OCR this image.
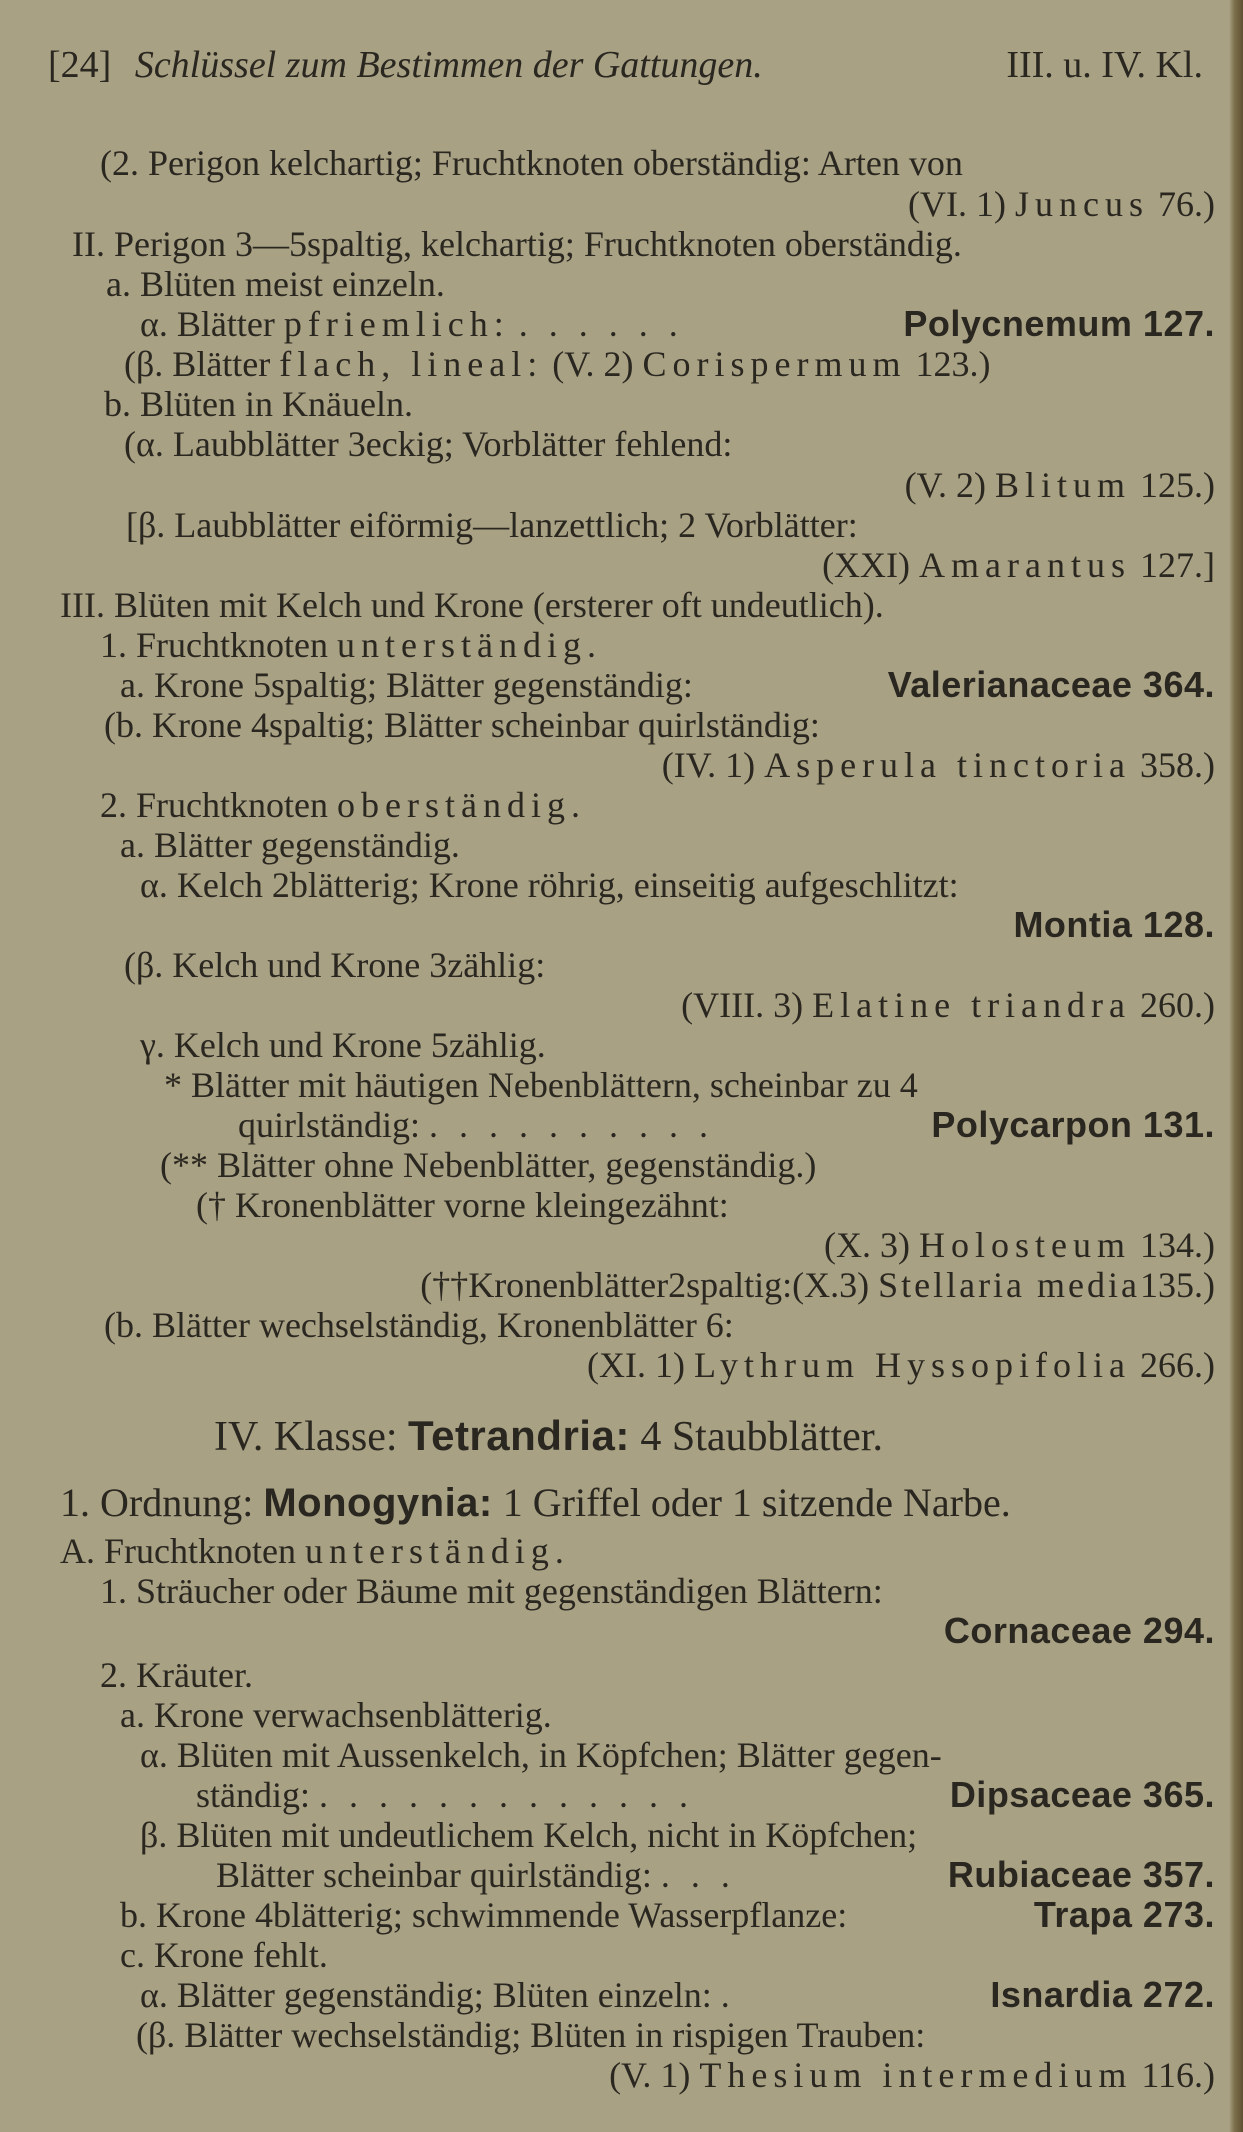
[24] Schlüssel zum Bestimmen der Gattungen.	III. u. IV. Kl.
(2. Perigon kelchartig; Fruchtknoten oberständig: Arten von
(VI. 1) Juncus 76.)
II. Perigon 3—5spaltig, kelchartig; Fruchtknoten oberständig.
a. Blüten meist einzeln.
α. Blätter pfriemlich: . . . . . .	Polycnemum 127.
(β. Blätter flach, lineal: (V. 2) Corispermum 123.)
b. Blüten in Knäueln.
(α. Laubblätter 3eckig; Vorblätter fehlend:
(V. 2) Blitum 125.)
[β. Laubblätter eiförmig—lanzettlich; 2 Vorblätter:
(XXI) Amarantus 127.]
III. Blüten mit Kelch und Krone (ersterer oft undeutlich).
1. Fruchtknoten unterständig.
a. Krone 5spaltig; Blätter gegenständig:	Valerianaceae 364.
(b. Krone 4spaltig; Blätter scheinbar quirlständig:
(IV. 1) Asperula tinctoria 358.)
2. Fruchtknoten oberständig.
a. Blätter gegenständig.
α. Kelch 2blätterig; Krone röhrig, einseitig aufgeschlitzt:
Montia 128.
(β. Kelch und Krone 3zählig:
(VIII. 3) Elatine triandra 260.)
γ. Kelch und Krone 5zählig.
* Blätter mit häutigen Nebenblättern, scheinbar zu 4
quirlständig: . . . . . . . . . .	Polycarpon 131.
(** Blätter ohne Nebenblätter, gegenständig.)
(† Kronenblätter vorne kleingezähnt:
(X. 3) Holosteum 134.)
(††Kronenblätter2spaltig:(X.3) Stellaria media135.)
(b. Blätter wechselständig, Kronenblätter 6:
(XI. 1) Lythrum Hyssopifolia 266.)
IV. Klasse: Tetrandria: 4 Staubblätter.
1. Ordnung: Monogynia: 1 Griffel oder 1 sitzende Narbe.
A. Fruchtknoten unterständig.
1. Sträucher oder Bäume mit gegenständigen Blättern:
Cornaceae 294.
2. Kräuter.
a. Krone verwachsenblätterig.
α. Blüten mit Aussenkelch, in Köpfchen; Blätter gegen-
ständig: . . . . . . . . . . . . .	Dipsaceae 365.
β. Blüten mit undeutlichem Kelch, nicht in Köpfchen;
Blätter scheinbar quirlständig: . . .	Rubiaceae 357.
b. Krone 4blätterig; schwimmende Wasserpflanze:	Trapa 273.
c. Krone fehlt.
α. Blätter gegenständig; Blüten einzeln: .	Isnardia 272.
(β. Blätter wechselständig; Blüten in rispigen Trauben:
(V. 1) Thesium intermedium 116.)
